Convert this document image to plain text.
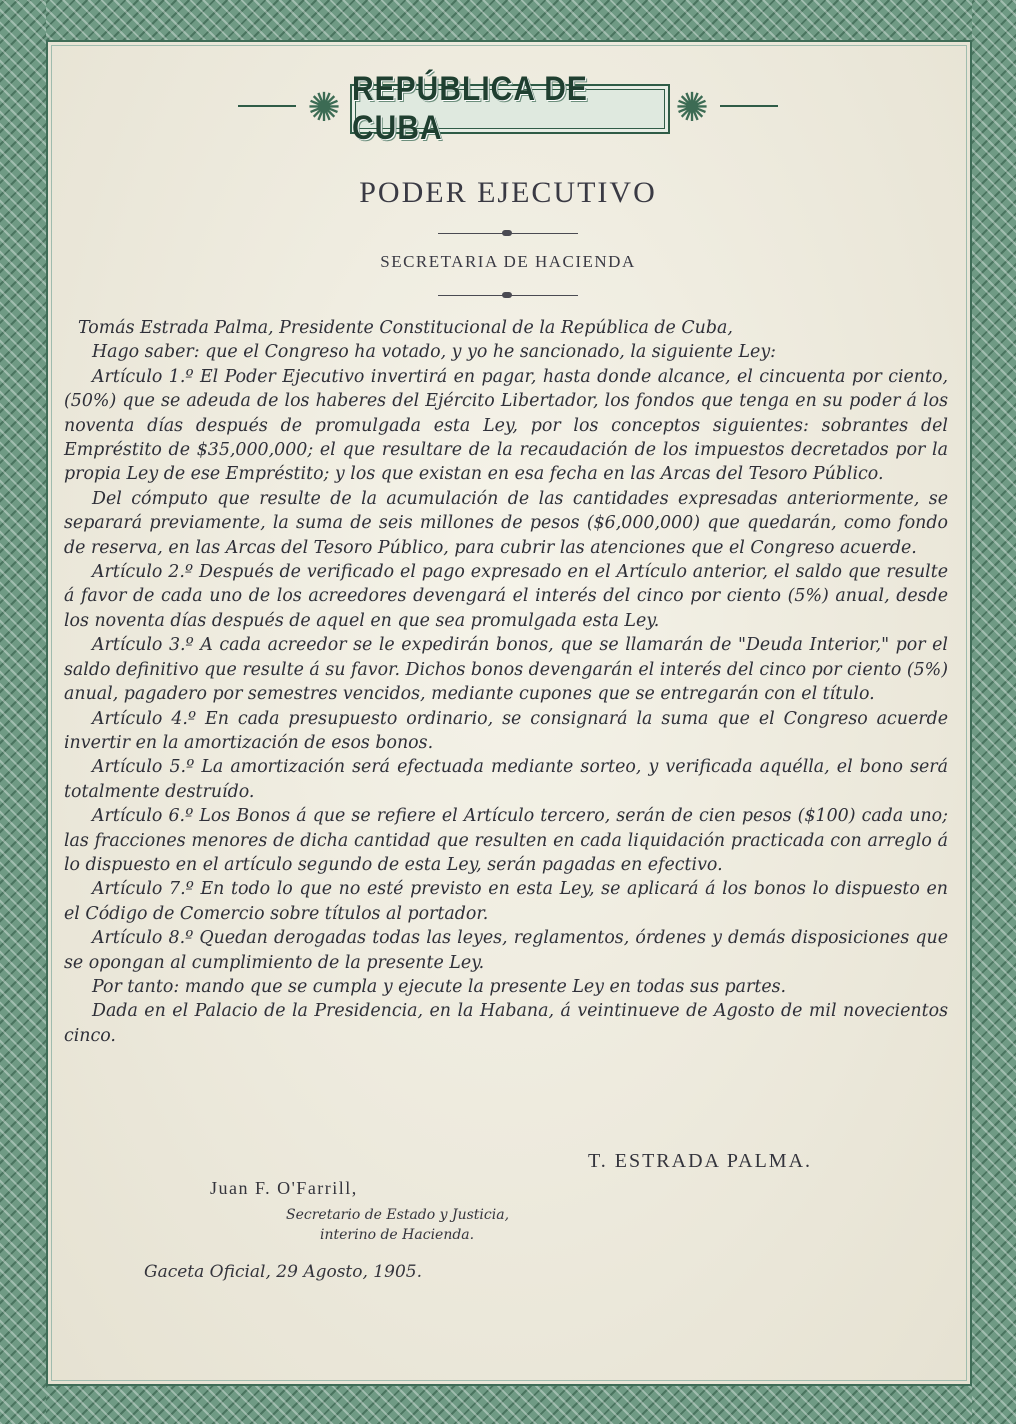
✺ REPÚBLICA DE CUBA	✺
PODER EJECUTIVO
SECRETARIA DE HACIENDA

Tomás Estrada Palma, Presidente Constitucional de la República de Cuba,

Hago saber: que el Congreso ha votado, y yo he sancionado, la siguiente Ley:

Artículo 1.º El Poder Ejecutivo invertirá en pagar, hasta donde alcance, el cincuenta por ciento, (50%) que se adeuda de los haberes del Ejército Libertador, los fondos que tenga en su poder á los noventa días después de promulgada esta Ley, por los conceptos siguientes: sobrantes del Empréstito de $35,000,000; el que resultare de la recaudación de los impuestos decretados por la propia Ley de ese Empréstito; y los que existan en esa fecha en las Arcas del Tesoro Público.

Del cómputo que resulte de la acumulación de las cantidades expresadas anteriormente, se separará previamente, la suma de seis millones de pesos ($6,000,000) que quedarán, como fondo de reserva, en las Arcas del Tesoro Público, para cubrir las atenciones que el Congreso acuerde.

Artículo 2.º Después de verificado el pago expresado en el Artículo anterior, el saldo que resulte á favor de cada uno de los acreedores devengará el interés del cinco por ciento (5%) anual, desde los noventa días después de aquel en que sea promulgada esta Ley.

Artículo 3.º A cada acreedor se le expedirán bonos, que se llamarán de "Deuda Interior," por el saldo definitivo que resulte á su favor. Dichos bonos devengarán el interés del cinco por ciento (5%) anual, pagadero por semestres vencidos, mediante cupones que se entregarán con el título.

Artículo 4.º En cada presupuesto ordinario, se consignará la suma que el Congreso acuerde invertir en la amortización de esos bonos.

Artículo 5.º La amortización será efectuada mediante sorteo, y verificada aquélla, el bono será totalmente destruído.

Artículo 6.º Los Bonos á que se refiere el Artículo tercero, serán de cien pesos ($100) cada uno; las fracciones menores de dicha cantidad que resulten en cada liquidación practicada con arreglo á lo dispuesto en el artículo segundo de esta Ley, serán pagadas en efectivo.

Artículo 7.º En todo lo que no esté previsto en esta Ley, se aplicará á los bonos lo dispuesto en el Código de Comercio sobre títulos al portador.

Artículo 8.º Quedan derogadas todas las leyes, reglamentos, órdenes y demás disposiciones que se opongan al cumplimiento de la presente Ley.

Por tanto: mando que se cumpla y ejecute la presente Ley en todas sus partes.

Dada en el Palacio de la Presidencia, en la Habana, á veintinueve de Agosto de mil novecientos cinco.

T. ESTRADA PALMA.
Juan F. O'Farrill,
Secretario de Estado y Justicia,
interino de Hacienda.
Gaceta Oficial, 29 Agosto, 1905.
